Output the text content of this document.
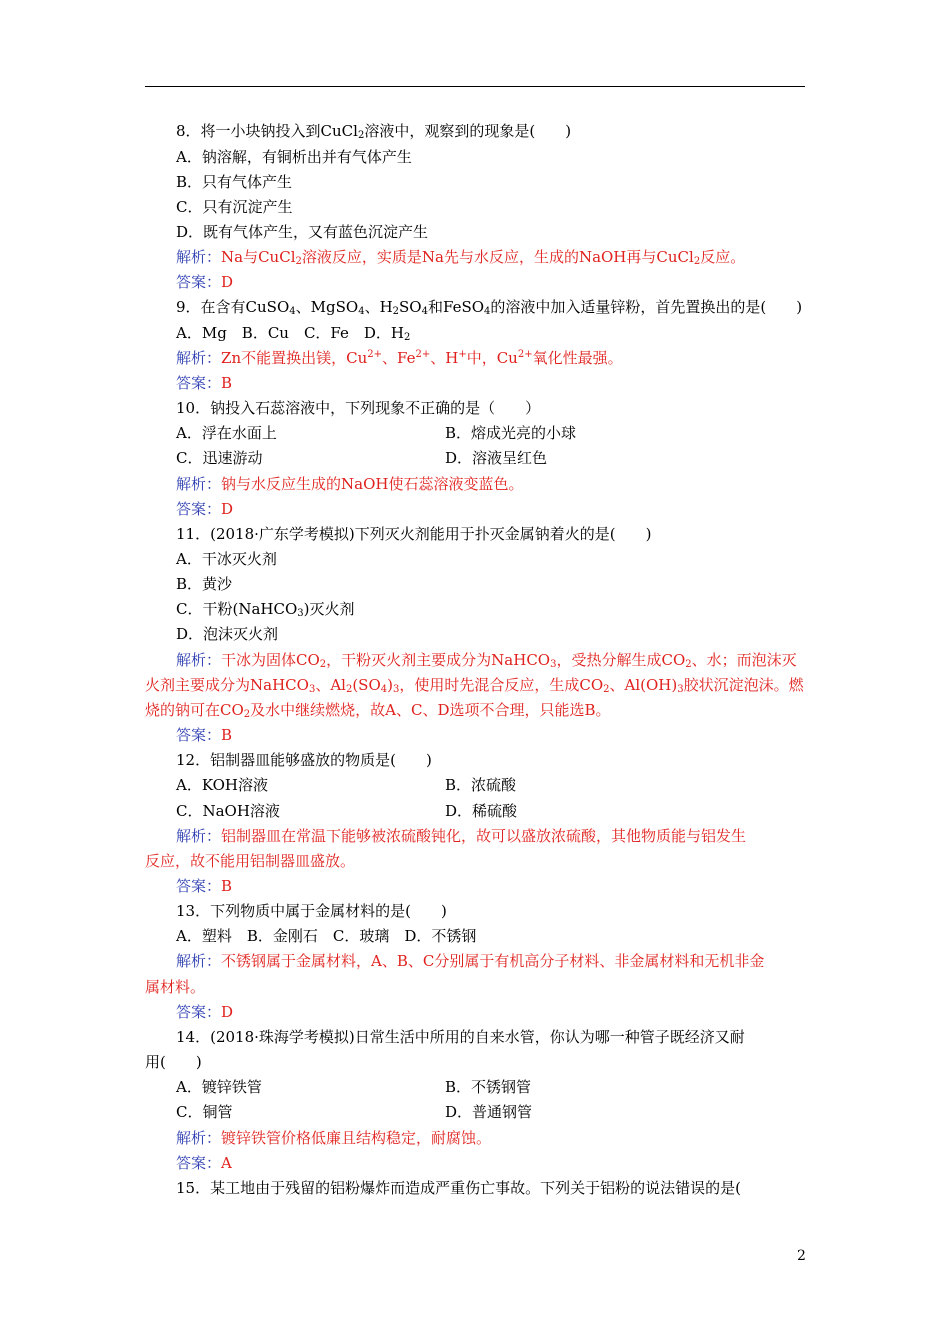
8．将一小块钠投入到CuCl$_2$溶液中，观察到的现象是(　　)
A．钠溶解，有铜析出并有气体产生
B．只有气体产生
C．只有沉淀产生
D．既有气体产生，又有蓝色沉淀产生
解析：Na与CuCl$_2$溶液反应，实质是Na先与水反应，生成的NaOH再与CuCl$_2$反应。
答案：D
9．在含有CuSO$_4$、MgSO$_4$、$H_2SO_4$和FeSO$_4$的溶液中加入适量锌粉，首先置换出的是(　　)
A．Mg　B．Cu　C．Fe　D．$H_2$
解析：Zn不能置换出镁，$Cu^{2+}$、$Fe^{2+}$、H+中，$Cu^{2+}$氧化性最强。
答案：B
10．钠投入石蕊溶液中，下列现象不正确的是（　　）
A．浮在水面上	B．熔成光亮的小球
C．迅速游动	D．溶液呈红色
解析：钠与水反应生成的NaOH使石蕊溶液变蓝色。
答案：D
11．(2018·广东学考模拟)下列灭火剂能用于扑灭金属钠着火的是(　　)
A．干冰灭火剂
B．黄沙
C．干粉(NaHCO$_3$)灭火剂
D．泡沫灭火剂
解析：干冰为固体$CO_2$，干粉灭火剂主要成分为NaHCO$_3$，受热分解生成$CO_2$、水；而泡沫灭
火剂主要成分为NaHCO$_3$、$Al_2(SO_4)_3$，使用时先混合反应，生成$CO_2$、$Al(OH)_3$胶状沉淀泡沫。燃
烧的钠可在$CO_2$及水中继续燃烧，故A、C、D选项不合理，只能选B。
答案：B
12．铝制器皿能够盛放的物质是(　　)
A．KOH溶液	B．浓硫酸
C．NaOH溶液	D．稀硫酸
解析：铝制器皿在常温下能够被浓硫酸钝化，故可以盛放浓硫酸，其他物质能与铝发生
反应，故不能用铝制器皿盛放。
答案：B
13．下列物质中属于金属材料的是(　　)
A．塑料　B．金刚石　C．玻璃　D．不锈钢
解析：不锈钢属于金属材料，A、B、C分别属于有机高分子材料、非金属材料和无机非金
属材料。
答案：D
14．(2018·珠海学考模拟)日常生活中所用的自来水管，你认为哪一种管子既经济又耐
用(　　)
A．镀锌铁管	B．不锈钢管
C．铜管	D．普通钢管
解析：镀锌铁管价格低廉且结构稳定，耐腐蚀。
答案：A
15．某工地由于残留的铝粉爆炸而造成严重伤亡事故。下列关于铝粉的说法错误的是(
2
